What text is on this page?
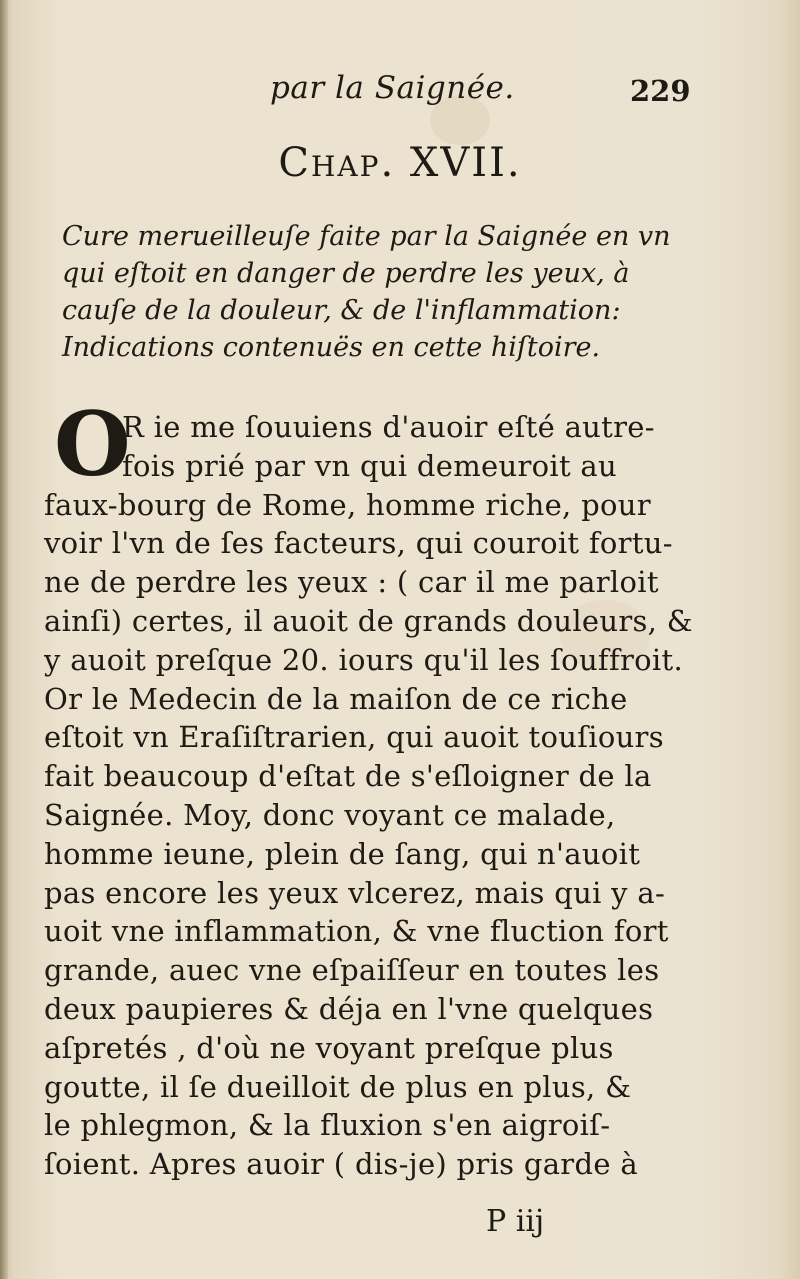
par la Saignée.	229
Chap. XVII.
Cure merueilleuſe faite par la Saignée en vn
qui eſtoit en danger de perdre les yeux, à
cauſe de la douleur, & de l'inflammation:
Indications contenuës en cette hiſtoire.
O
R ie me ſouuiens d'auoir eſté autre-
fois prié par vn qui demeuroit au
faux-bourg de Rome, homme riche, pour
voir l'vn de ſes facteurs, qui couroit fortu-
ne de perdre les yeux : ( car il me parloit
ainſi) certes, il auoit de grands douleurs, &
y auoit preſque 20. iours qu'il les ſouffroit.
Or le Medecin de la maiſon de ce riche
eſtoit vn Eraſiſtrarien, qui auoit touſiours
fait beaucoup d'eſtat de s'eſloigner de la
Saignée. Moy, donc voyant ce malade,
homme ieune, plein de ſang, qui n'auoit
pas encore les yeux vlcerez, mais qui y a-
uoit vne inflammation, & vne fluction fort
grande, auec vne eſpaiſſeur en toutes les
deux paupieres & déja en l'vne quelques
aſpretés , d'où ne voyant preſque plus
goutte, il ſe dueilloit de plus en plus, &
le phlegmon, & la fluxion s'en aigroiſ-
ſoient. Apres auoir ( dis-je) pris garde à
P iij
